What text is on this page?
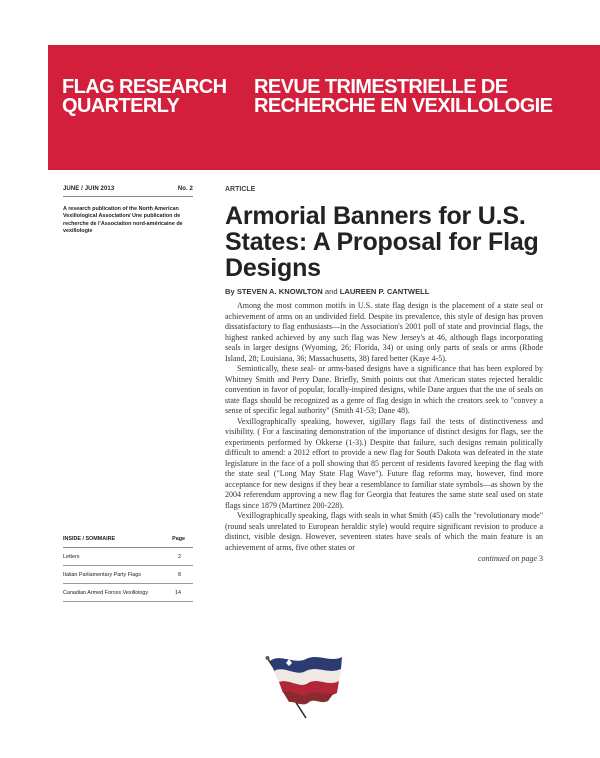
FLAG RESEARCH QUARTERLY
REVUE TRIMESTRIELLE DE RECHERCHE EN VEXILLOLOGIE
JUNE / JUIN 2013	No. 2
A research publication of the North American Vexillological Association/ Une publication de recherche de l'Association nord-américaine de vexillologie
INSIDE / SOMMAIRE	Page
Letters	2
Italian Parliamentary Party Flags	8
Canadian Armed Forces Vexillology	14
ARTICLE
Armorial Banners for U.S. States: A Proposal for Flag Designs
By STEVEN A. KNOWLTON and LAUREEN P. CANTWELL

Among the most common motifs in U.S. state flag design is the placement of a state seal or achievement of arms on an undivided field. Despite its prevalence, this style of design has proven dissatisfactory to flag enthusiasts—in the Association's 2001 poll of state and provincial flags, the highest ranked achieved by any such flag was New Jersey's at 46, although flags incorporating seals in larger designs (Wyoming, 26; Florida, 34) or using only parts of seals or arms (Rhode Island, 28; Louisiana, 36; Massachusetts, 38) fared better (Kaye 4-5).

Semiotically, these seal- or arms-based designs have a significance that has been explored by Whitney Smith and Perry Dane. Briefly, Smith points out that American states rejected heraldic convention in favor of popular, locally-inspired designs, while Dane argues that the use of seals on state flags should be recognized as a genre of flag design in which the creators seek to "convey a sense of specific legal authority" (Smith 41-53; Dane 48).

Vexillographically speaking, however, sigillary flags fail the tests of distinctiveness and visibility. ( For a fascinating demonstration of the importance of distinct designs for flags, see the experiments performed by Okkerse (1-3).) Despite that failure, such designs remain politically difficult to amend: a 2012 effort to provide a new flag for South Dakota was defeated in the state legislature in the face of a poll showing that 85 percent of residents favored keeping the flag with the state seal ("Long May State Flag Wave"). Future flag reforms may, however, find more acceptance for new designs if they bear a resemblance to familiar state symbols—as shown by the 2004 referendum approving a new flag for Georgia that features the same state seal used on state flags since 1879 (Martinez 200-228).

Vexillographically speaking, flags with seals in what Smith (45) calls the "revolutionary mode" (round seals unrelated to European heraldic style) would require significant revision to produce a distinct, visible design. However, seventeen states have seals of which the main feature is an achievement of arms, five other states or

continued on page 3
